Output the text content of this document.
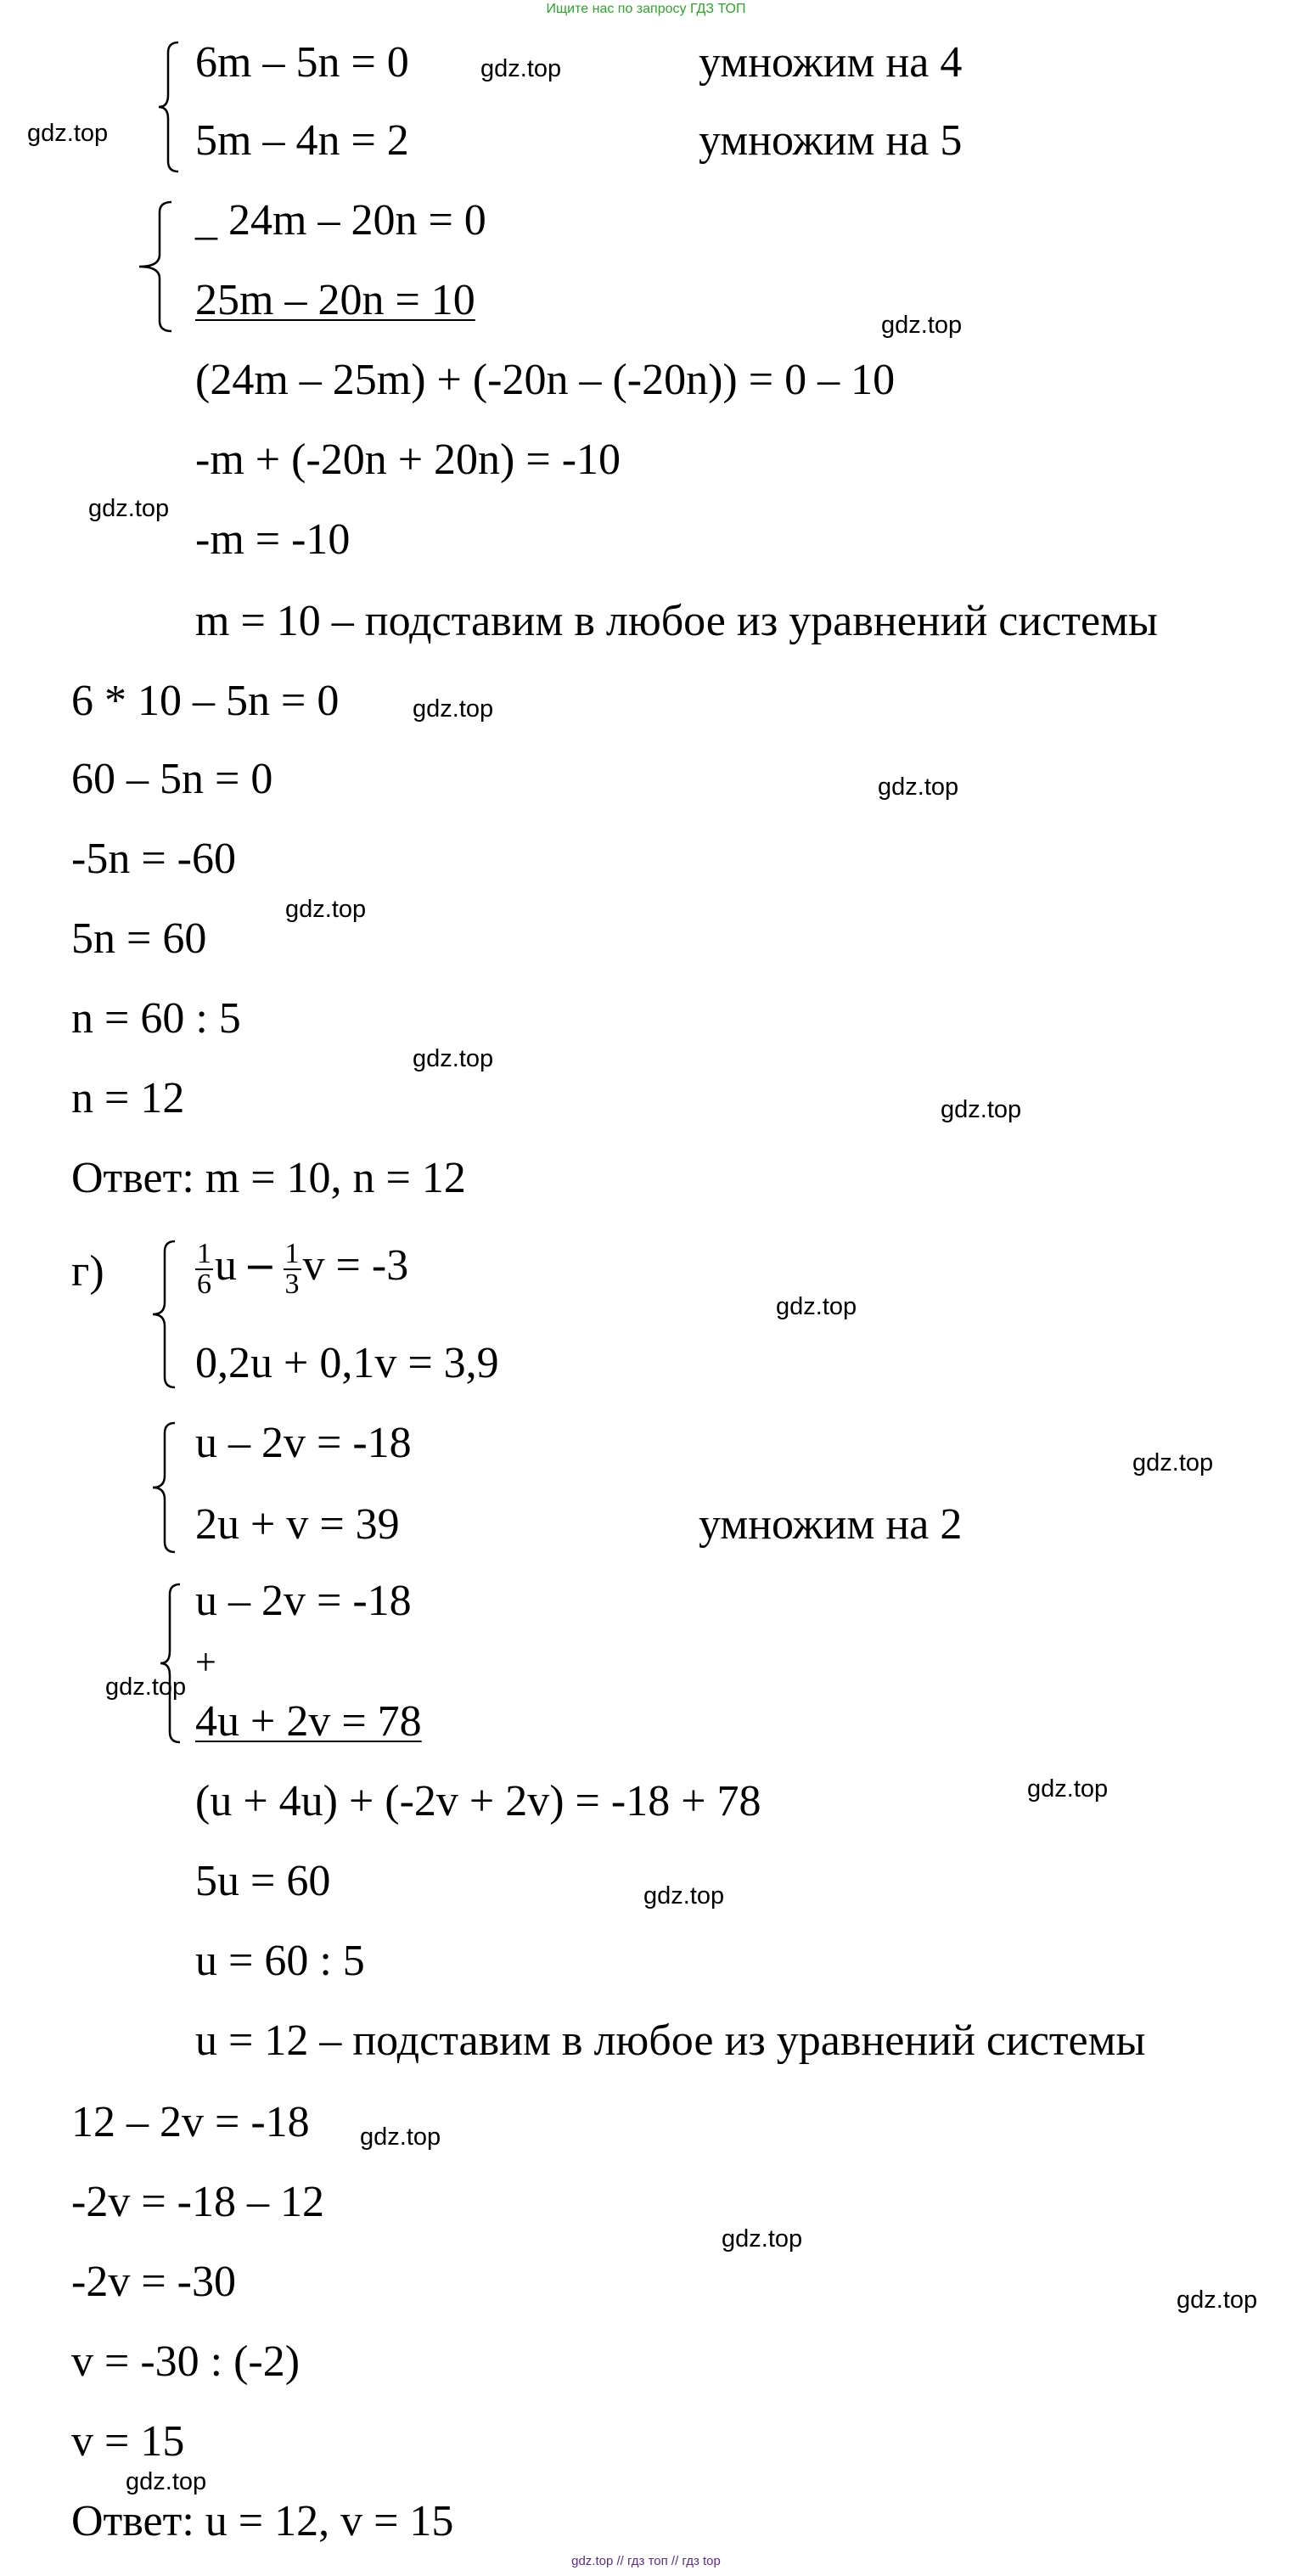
Ищите нас по запросу ГДЗ ТОП
6m – 5n = 0	умножим на 4
5m – 4n = 2	умножим на 5
_ 24m – 20n = 0
25m – 20n = 10
(24m – 25m) + (-20n – (-20n)) = 0 – 10
-m + (-20n + 20n) = -10
-m = -10
m = 10 – подставим в любое из уравнений системы
6 * 10 – 5n = 0
60 – 5n = 0
-5n = -60
5n = 60
n = 60 : 5
n = 12
Ответ: m = 10, n = 12
г)	$\frac{1}{6}$ $u - \frac{1}{3}$ v = -3
0,2u + 0,1v = 3,9
u – 2v = -18
2u + v = 39	умножим на 2
u – 2v = -18
+
4u + 2v = 78
(u + 4u) + (-2v + 2v) = -18 + 78
5u = 60
u = 60 : 5
u = 12 – подставим в любое из уравнений системы
12 – 2v = -18
-2v = -18 – 12
-2v = -30
v = -30 : (-2)
v = 15
Ответ: u = 12, v = 15
gdz.top
gdz.top
gdz.top
gdz.top
gdz.top
gdz.top
gdz.top
gdz.top
gdz.top
gdz.top
gdz.top
gdz.top
gdz.top
gdz.top
gdz.top
gdz.top
gdz.top
gdz.top
gdz.top // гдз топ // гдз top
